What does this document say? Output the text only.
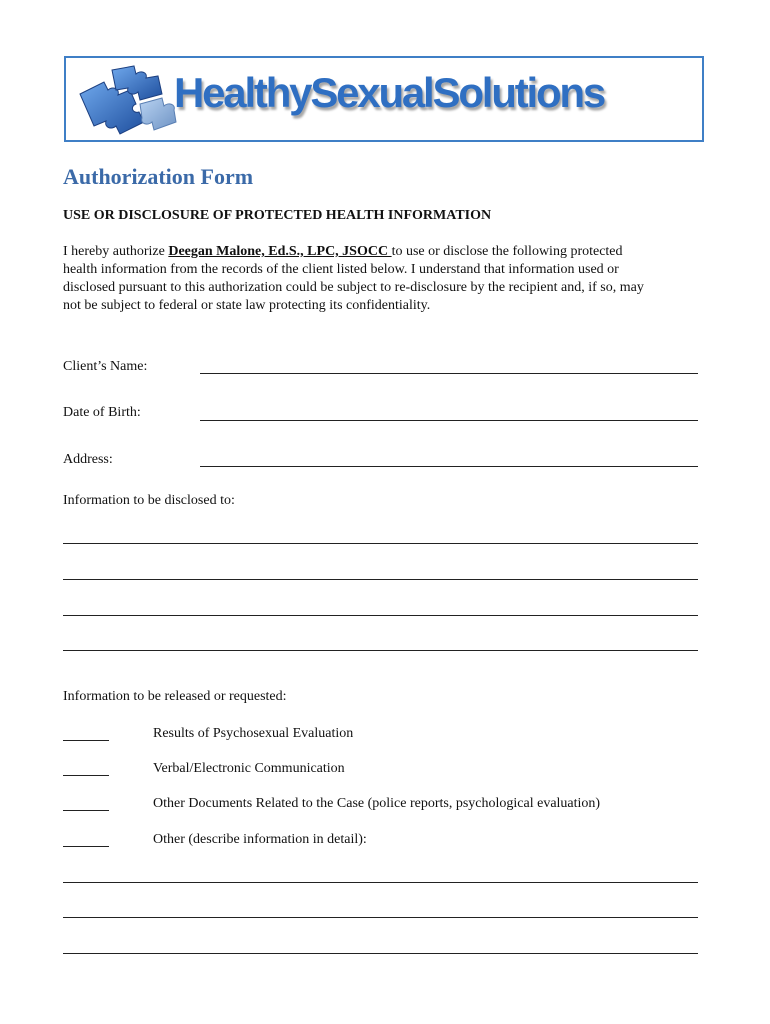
HealthySexualSolutions
Authorization Form
USE OR DISCLOSURE OF PROTECTED HEALTH INFORMATION
I hereby authorize Deegan Malone, Ed.S., LPC, JSOCC to use or disclose the following protected
health information from the records of the client listed below. I understand that information used or
disclosed pursuant to this authorization could be subject to re-disclosure by the recipient and, if so, may
not be subject to federal or state law protecting its confidentiality.
Client’s Name:
Date of Birth:
Address:
Information to be disclosed to:
Information to be released or requested:
Results of Psychosexual Evaluation
Verbal/Electronic Communication
Other Documents Related to the Case (police reports, psychological evaluation)
Other (describe information in detail):
